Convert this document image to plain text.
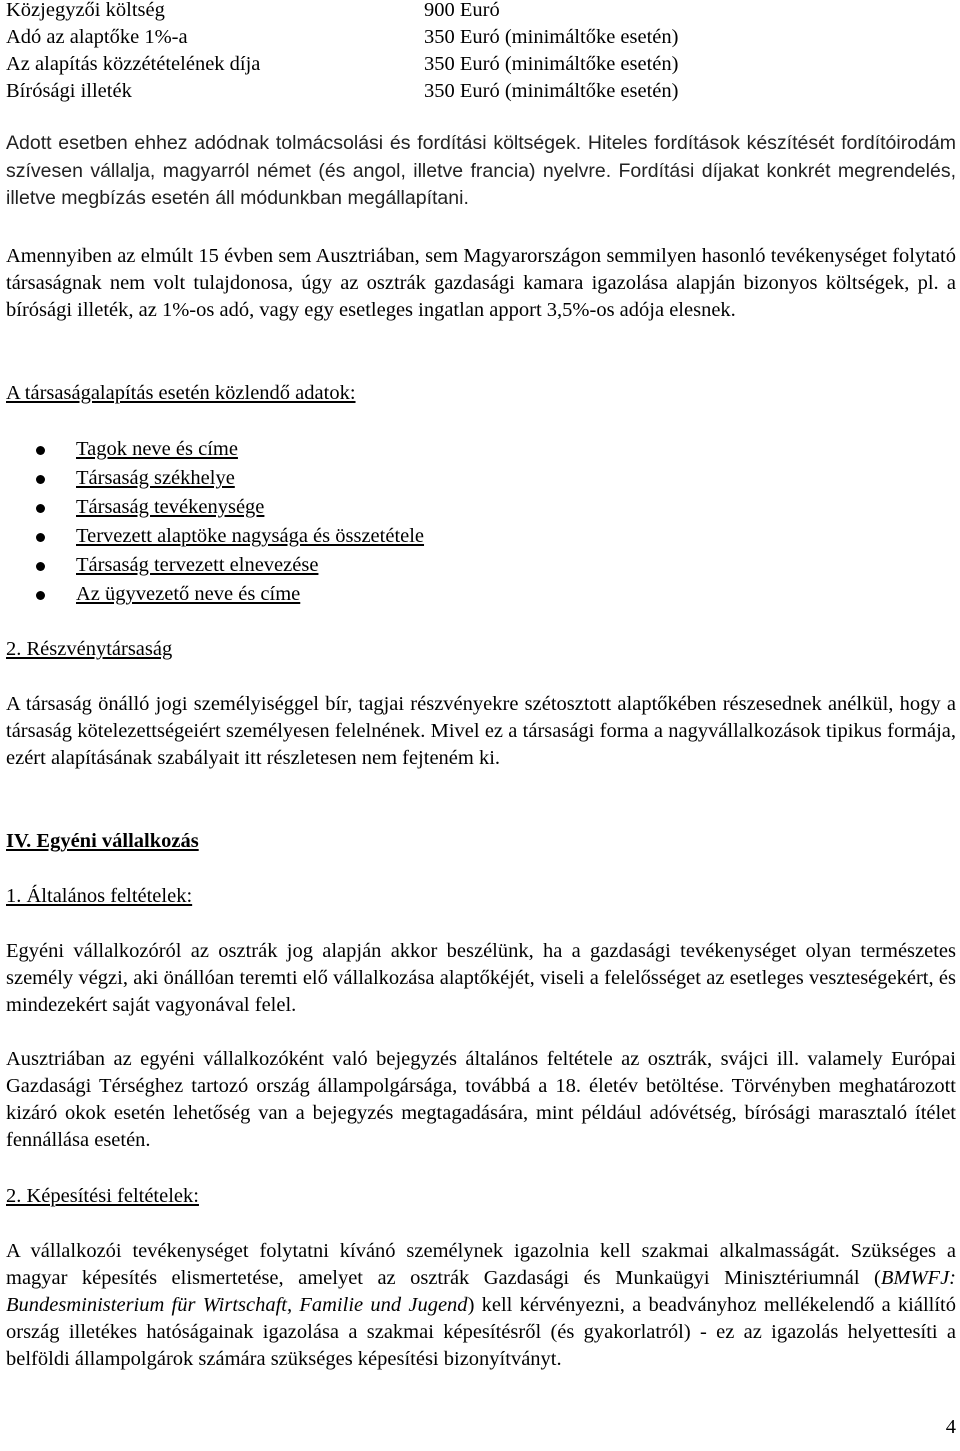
Közjegyzői költség	900 Euró
Adó az alaptőke 1%-a	350 Euró (minimáltőke esetén)
Az alapítás közzétételének díja	350 Euró (minimáltőke esetén)
Bírósági illeték	350 Euró (minimáltőke esetén)

Adott esetben ehhez adódnak tolmácsolási és fordítási költségek. Hiteles fordítások készítését fordítóirodám szívesen vállalja, magyarról német (és angol, illetve francia) nyelvre. Fordítási díjakat konkrét megrendelés, illetve megbízás esetén áll módunkban megállapítani.

Amennyiben az elmúlt 15 évben sem Ausztriában, sem Magyarországon semmilyen hasonló tevékenységet folytató társaságnak nem volt tulajdonosa, úgy az osztrák gazdasági kamara igazolása alapján bizonyos költségek, pl. a bírósági illeték, az 1%-os adó, vagy egy esetleges ingatlan apport 3,5%-os adója elesnek.

A társaságalapítás esetén közlendő adatok:
Tagok neve és címe
Társaság székhelye
Társaság tevékenysége
Tervezett alaptöke nagysága és összetétele
Társaság tervezett elnevezése
Az ügyvezető neve és címe
2. Részvénytársaság

A társaság önálló jogi személyiséggel bír, tagjai részvényekre szétosztott alaptőkében részesednek anélkül, hogy a társaság kötelezettségeiért személyesen felelnének. Mivel ez a társasági forma a nagyvállalkozások tipikus formája, ezért alapításának szabályait itt részletesen nem fejteném ki.

IV. Egyéni vállalkozás
1. Általános feltételek:

Egyéni vállalkozóról az osztrák jog alapján akkor beszélünk, ha a gazdasági tevékenységet olyan természetes személy végzi, aki önállóan teremti elő vállalkozása alaptőkéjét, viseli a felelősséget az esetleges veszteségekért, és mindezekért saját vagyonával felel.

Ausztriában az egyéni vállalkozóként való bejegyzés általános feltétele az osztrák, svájci ill. valamely Európai Gazdasági Térséghez tartozó ország állampolgársága, továbbá a 18. életév betöltése. Törvényben meghatározott kizáró okok esetén lehetőség van a bejegyzés megtagadására, mint például adóvétség, bírósági marasztaló ítélet fennállása esetén.

2. Képesítési feltételek:

A vállalkozói tevékenységet folytatni kívánó személynek igazolnia kell szakmai alkalmasságát. Szükséges a magyar képesítés elismertetése, amelyet az osztrák Gazdasági és Munkaügyi Minisztériumnál (BMWFJ: Bundesministerium für Wirtschaft, Familie und Jugend) kell kérvényezni, a beadványhoz mellékelendő a kiállító ország illetékes hatóságainak igazolása a szakmai képesítésről (és gyakorlatról) - ez az igazolás helyettesíti a belföldi állampolgárok számára szükséges képesítési bizonyítványt.

4
